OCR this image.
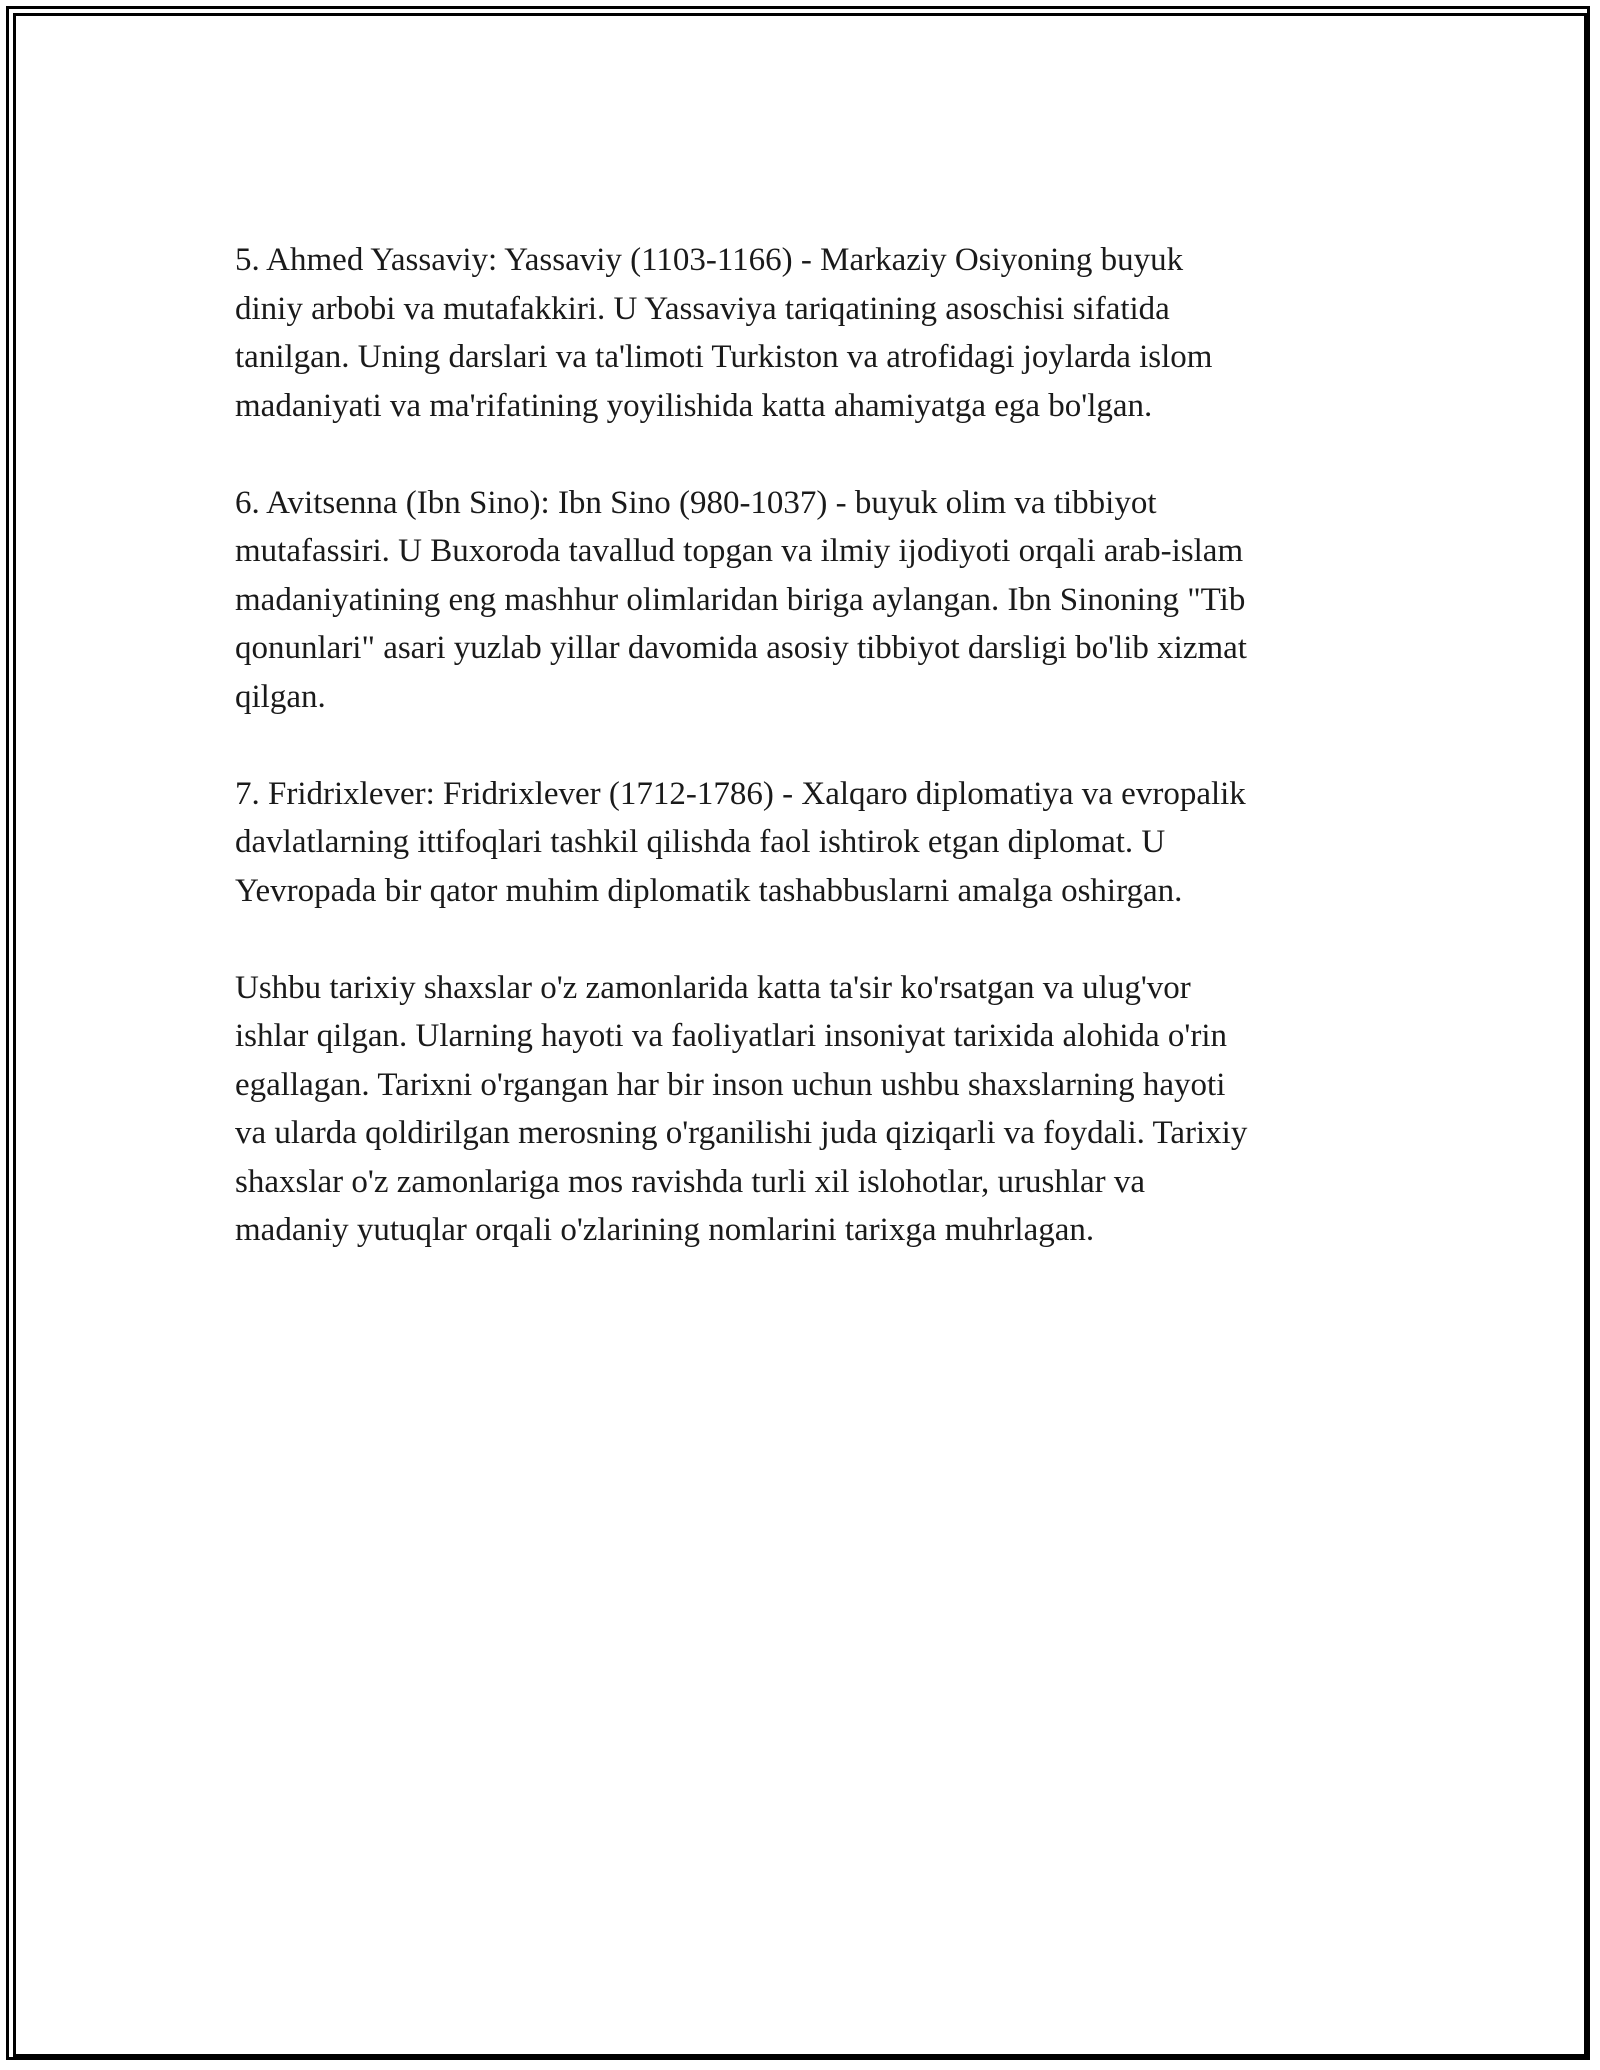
5. Ahmed Yassaviy: Yassaviy (1103-1166) - Markaziy Osiyoning buyuk
diniy arbobi va mutafakkiri. U Yassaviya tariqatining asoschisi sifatida
tanilgan. Uning darslari va ta'limoti Turkiston va atrofidagi joylarda islom
madaniyati va ma'rifatining yoyilishida katta ahamiyatga ega bo'lgan.

6. Avitsenna (Ibn Sino): Ibn Sino (980-1037) - buyuk olim va tibbiyot
mutafassiri. U Buxoroda tavallud topgan va ilmiy ijodiyoti orqali arab-islam
madaniyatining eng mashhur olimlaridan biriga aylangan. Ibn Sinoning "Tib
qonunlari" asari yuzlab yillar davomida asosiy tibbiyot darsligi bo'lib xizmat
qilgan.

7. Fridrixlever: Fridrixlever (1712-1786) - Xalqaro diplomatiya va evropalik
davlatlarning ittifoqlari tashkil qilishda faol ishtirok etgan diplomat. U
Yevropada bir qator muhim diplomatik tashabbuslarni amalga oshirgan.

Ushbu tarixiy shaxslar o'z zamonlarida katta ta'sir ko'rsatgan va ulug'vor
ishlar qilgan. Ularning hayoti va faoliyatlari insoniyat tarixida alohida o'rin
egallagan. Tarixni o'rgangan har bir inson uchun ushbu shaxslarning hayoti
va ularda qoldirilgan merosning o'rganilishi juda qiziqarli va foydali. Tarixiy
shaxslar o'z zamonlariga mos ravishda turli xil islohotlar, urushlar va
madaniy yutuqlar orqali o'zlarining nomlarini tarixga muhrlagan.
